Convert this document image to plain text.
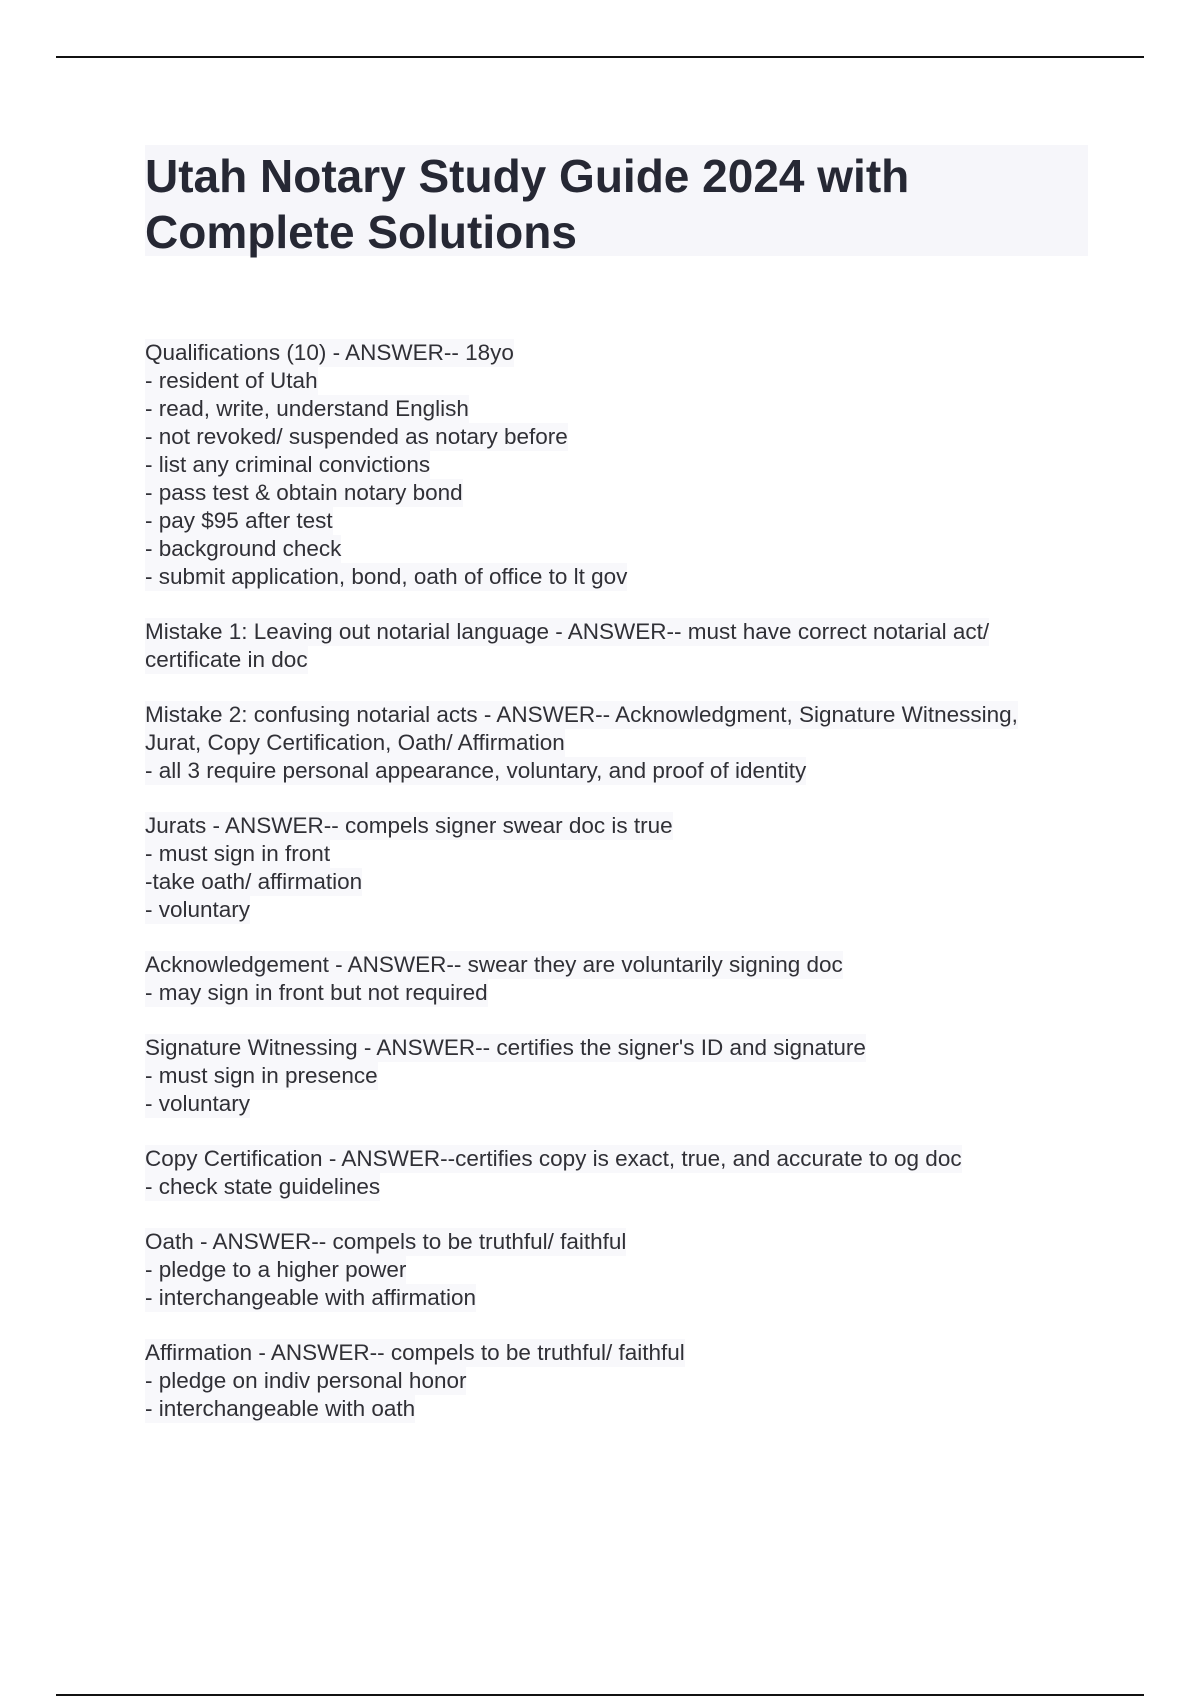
Utah Notary Study Guide 2024 with Complete Solutions
Qualifications (10) - ANSWER-- 18yo
- resident of Utah
- read, write, understand English
- not revoked/ suspended as notary before
- list any criminal convictions
- pass test & obtain notary bond
- pay $95 after test
- background check
- submit application, bond, oath of office to lt gov
Mistake 1: Leaving out notarial language - ANSWER-- must have correct notarial act/
certificate in doc
Mistake 2: confusing notarial acts - ANSWER-- Acknowledgment, Signature Witnessing,
Jurat, Copy Certification, Oath/ Affirmation
- all 3 require personal appearance, voluntary, and proof of identity
Jurats - ANSWER-- compels signer swear doc is true
- must sign in front
-take oath/ affirmation
- voluntary
Acknowledgement - ANSWER-- swear they are voluntarily signing doc
- may sign in front but not required
Signature Witnessing - ANSWER-- certifies the signer's ID and signature
- must sign in presence
- voluntary
Copy Certification - ANSWER--certifies copy is exact, true, and accurate to og doc
- check state guidelines
Oath - ANSWER-- compels to be truthful/ faithful
- pledge to a higher power
- interchangeable with affirmation
Affirmation - ANSWER-- compels to be truthful/ faithful
- pledge on indiv personal honor
- interchangeable with oath
